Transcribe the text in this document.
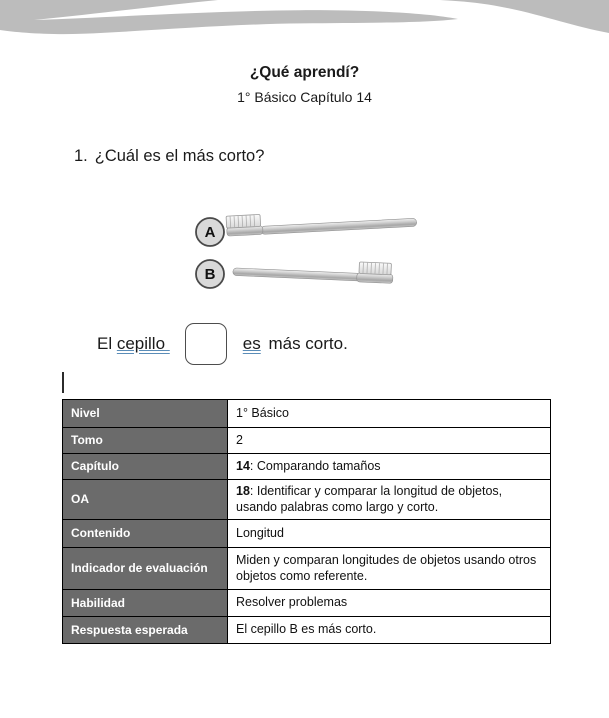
¿Qué aprendí?
1° Básico Capítulo 14
1. ¿Cuál es el más corto?
A
B
El cepillo	es más corto.
Nivel	1° Básico
Tomo	2
Capítulo	14: Comparando tamaños
OA	18: Identificar y comparar la longitud de objetos, usando palabras como largo y corto.
Contenido	Longitud
Indicador de evaluación	Miden y comparan longitudes de objetos usando otros objetos como referente.
Habilidad	Resolver problemas
Respuesta esperada	El cepillo B es más corto.
